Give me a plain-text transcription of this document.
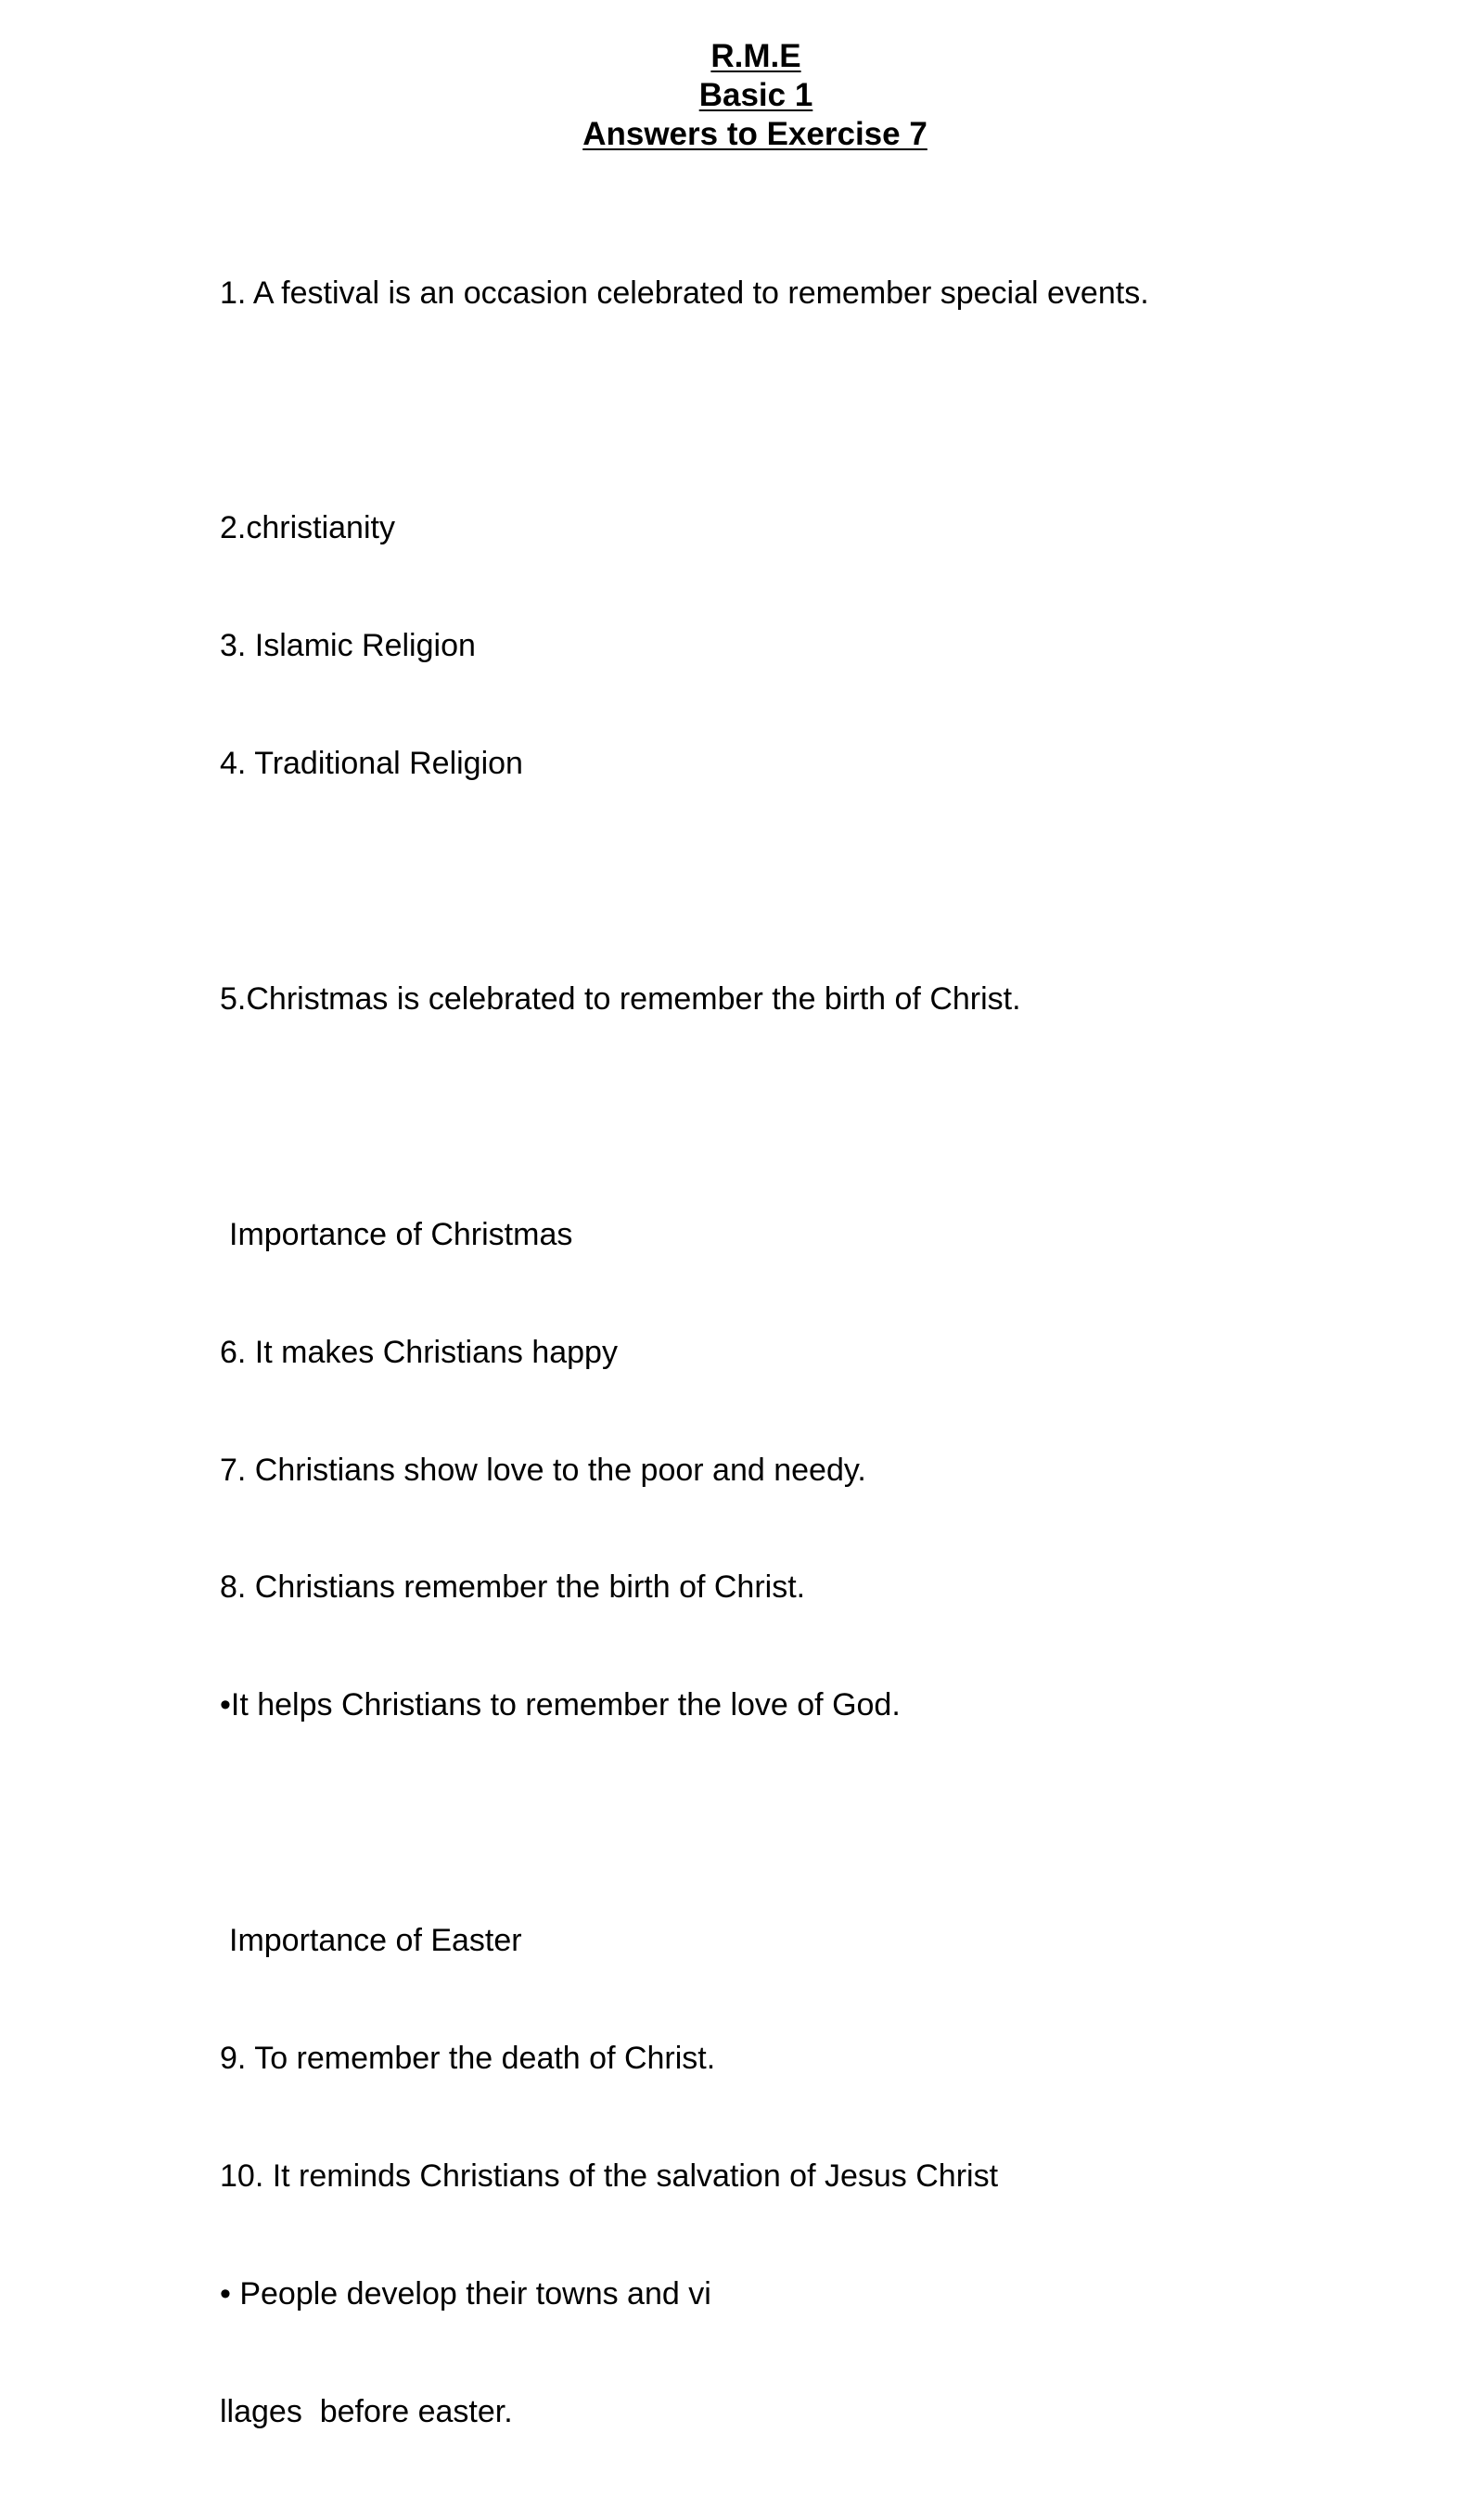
R.M.E
Basic 1
Answers to Exercise 7

1. A festival is an occasion celebrated to remember special events.

2.christianity

3. Islamic Religion

4. Traditional Religion

5.Christmas is celebrated to remember the birth of Christ.

Importance of Christmas

6. It makes Christians happy

7. Christians show love to the poor and needy.

8. Christians remember the birth of Christ.

•It helps Christians to remember the love of God.

Importance of Easter

9. To remember the death of Christ.

10. It reminds Christians of the salvation of Jesus Christ

• People develop their towns and vi

llages  before easter.
